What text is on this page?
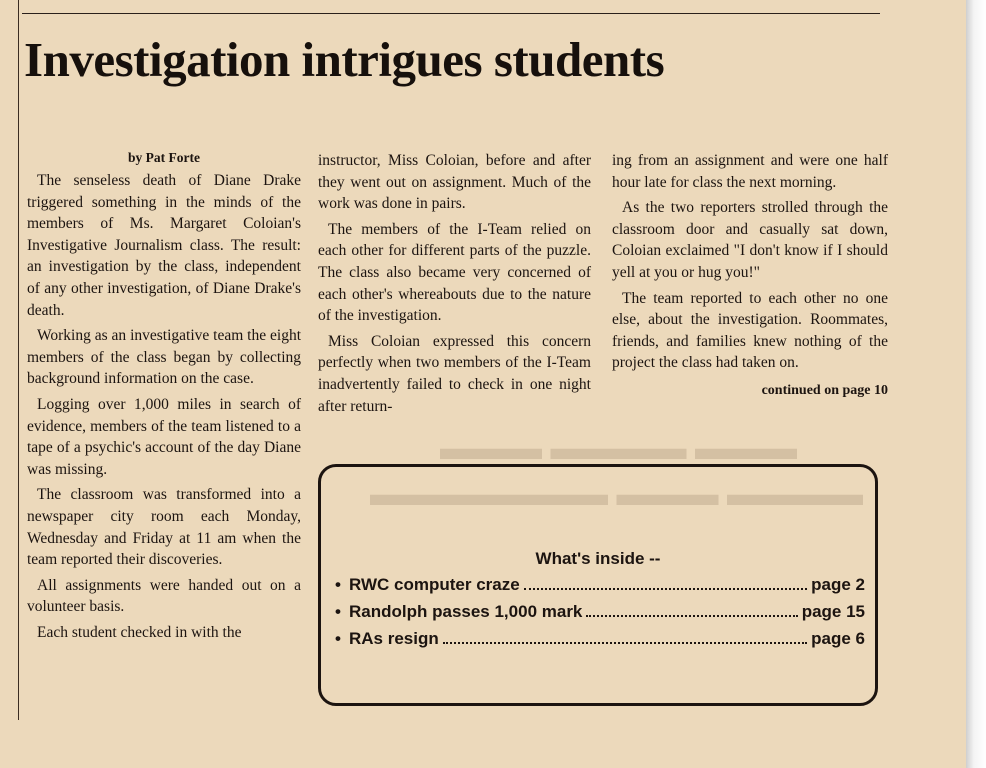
▬▬▬ ▬▬▬▬ ▬▬▬
▬▬▬▬▬▬▬ ▬▬▬ ▬▬▬▬
Investigation intrigues students
by Pat Forte

The senseless death of Diane Drake triggered something in the minds of the members of Ms. Margaret Coloian's Investigative Journalism class. The result: an investigation by the class, independent of any other investigation, of Diane Drake's death.

Working as an investigative team the eight members of the class began by collecting background information on the case.

Logging over 1,000 miles in search of evidence, members of the team listened to a tape of a psychic's account of the day Diane was missing.

The classroom was transformed into a newspaper city room each Monday, Wednesday and Friday at 11 am when the team reported their discoveries.

All assignments were handed out on a volunteer basis.

Each student checked in with the

instructor, Miss Coloian, before and after they went out on assignment. Much of the work was done in pairs.

The members of the I-Team relied on each other for different parts of the puzzle. The class also became very concerned of each other's whereabouts due to the nature of the investigation.

Miss Coloian expressed this concern perfectly when two members of the I-Team inadvertently failed to check in one night after return-

ing from an assignment and were one half hour late for class the next morning.

As the two reporters strolled through the classroom door and casually sat down, Coloian exclaimed "I don't know if I should yell at you or hug you!"

The team reported to each other no one else, about the investigation. Roommates, friends, and families knew nothing of the project the class had taken on.

continued on page 10
What's inside --
• RWC computer craze	page 2
• Randolph passes 1,000 mark	page 15
• RAs resign	page 6
